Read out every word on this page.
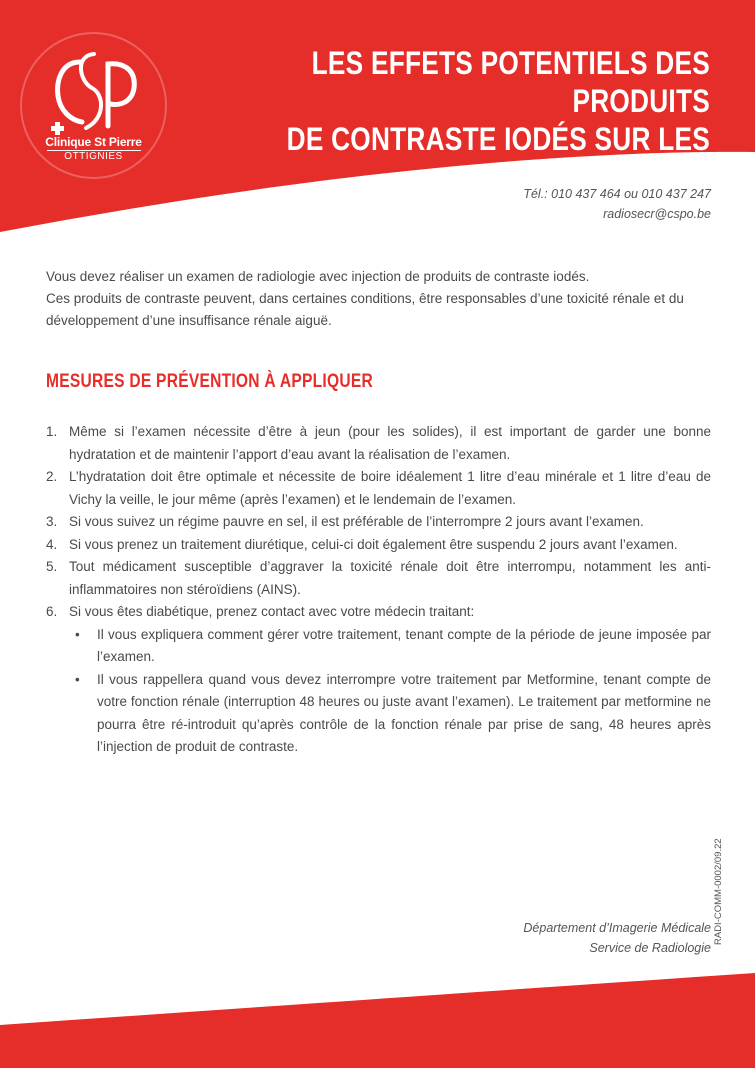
Clinique St Pierre
OTTIGNIES
LES EFFETS POTENTIELS DES PRODUITS
DE CONTRASTE IODÉS SUR LES REINS
Tél.: 010 437 464 ou 010 437 247
radiosecr@cspo.be

Vous devez réaliser un examen de radiologie avec injection de produits de contraste iodés.

Ces produits de contraste peuvent, dans certaines conditions, être responsables d’une toxicité rénale et du développement d’une insuffisance rénale aiguë.

MESURES DE PRÉVENTION À APPLIQUER
1. Même si l’examen nécessite d’être à jeun (pour les solides), il est important de garder une bonne hydratation et de maintenir l’apport d’eau avant la réalisation de l’examen.
2. L’hydratation doit être optimale et nécessite de boire idéalement 1 litre d’eau minérale et 1 litre d’eau de Vichy la veille, le jour même (après l’examen) et le lendemain de l’examen.
3. Si vous suivez un régime pauvre en sel, il est préférable de l’interrompre 2 jours avant l’examen.
4. Si vous prenez un traitement diurétique, celui-ci doit également être suspendu 2 jours avant l’examen.
5. Tout médicament susceptible d’aggraver la toxicité rénale doit être interrompu, notamment les anti-inflammatoires non stéroïdiens (AINS).
6. Si vous êtes diabétique, prenez contact avec votre médecin traitant:
• Il vous expliquera comment gérer votre traitement, tenant compte de la période de jeune imposée par l’examen.
• Il vous rappellera quand vous devez interrompre votre traitement par Metformine, tenant compte de votre fonction rénale (interruption 48 heures ou juste avant l’examen). Le traitement par metformine ne pourra être ré-introduit qu’après contrôle de la fonction rénale par prise de sang, 48 heures après l’injection de produit de contraste.
RADI-COMM-0002/09.22
Département d’Imagerie Médicale
Service de Radiologie
